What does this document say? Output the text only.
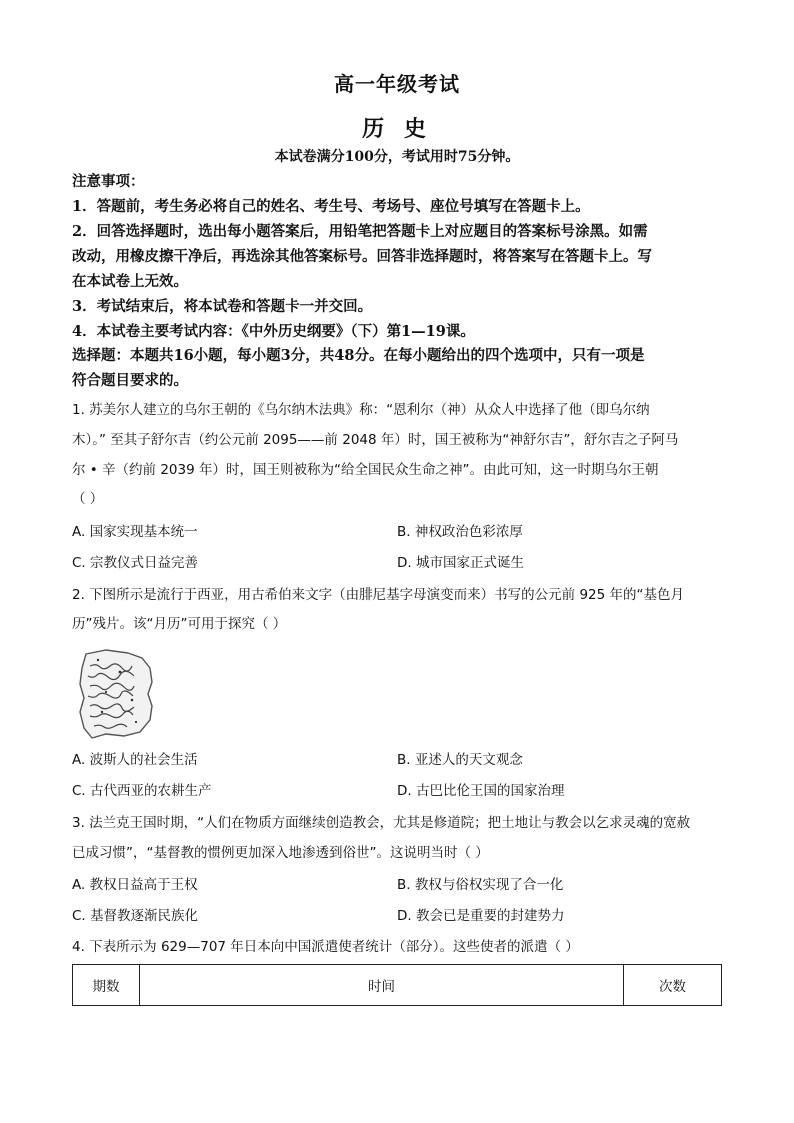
高一年级考试
历 史
本试卷满分100分，考试用时75分钟。
注意事项：
1．答题前，考生务必将自己的姓名、考生号、考场号、座位号填写在答题卡上。
2．回答选择题时，选出每小题答案后，用铅笔把答题卡上对应题目的答案标号涂黑。如需
改动，用橡皮擦干净后，再选涂其他答案标号。回答非选择题时，将答案写在答题卡上。写
在本试卷上无效。
3．考试结束后，将本试卷和答题卡一并交回。
4．本试卷主要考试内容：《中外历史纲要》（下）第1—19课。
选择题：本题共16小题，每小题3分，共48分。在每小题给出的四个选项中，只有一项是
符合题目要求的。
1. 苏美尔人建立的乌尔王朝的《乌尔纳木法典》称：“恩利尔（神）从众人中选择了他（即乌尔纳
木）。” 至其子舒尔吉（约公元前 2095——前 2048 年）时，国王被称为“神舒尔吉”，舒尔吉之子阿马
尔 • 辛（约前 2039 年）时，国王则被称为“给全国民众生命之神”。由此可知，这一时期乌尔王朝
（ ）
A. 国家实现基本统一	B. 神权政治色彩浓厚
C. 宗教仪式日益完善	D. 城市国家正式诞生
2. 下图所示是流行于西亚，用古希伯来文字（由腓尼基字母演变而来）书写的公元前 925 年的“基色月
历”残片。该“月历”可用于探究（ ）
A. 波斯人的社会生活	B. 亚述人的天文观念
C. 古代西亚的农耕生产	D. 古巴比伦王国的国家治理
3. 法兰克王国时期，“人们在物质方面继续创造教会，尤其是修道院；把土地让与教会以乞求灵魂的宽赦
已成习惯”，“基督教的惯例更加深入地渗透到俗世”。这说明当时（ ）
A. 教权日益高于王权	B. 教权与俗权实现了合一化
C. 基督教逐渐民族化	D. 教会已是重要的封建势力
4. 下表所示为 629—707 年日本向中国派遣使者统计（部分）。这些使者的派遣（ ）
期数	时间	次数
